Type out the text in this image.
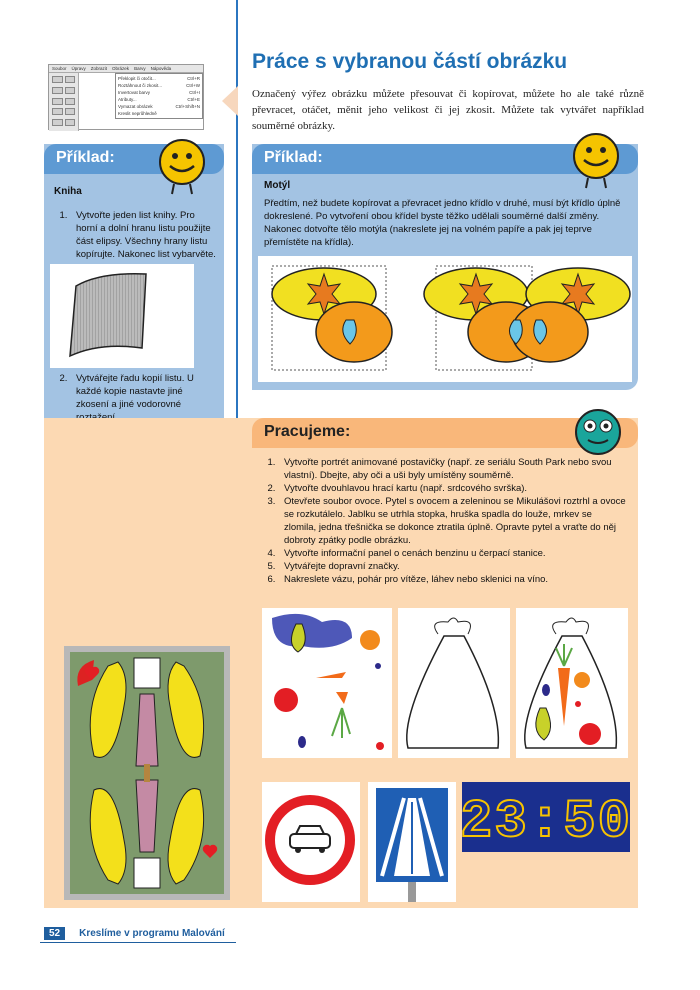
Soubor Úpravy Zobrazit Obrázek Barvy Nápověda
Překlopit či otočit...	Ctrl+R
Roztáhnout či zkosit...	Ctrl+W
Invertovat barvy	Ctrl+I
Atributy...	Ctrl+E
Vymazat obrázek	Ctrl+Shift+N
Kreslit neprůhledně
Práce s vybranou částí obrázku
Označený výřez obrázku můžete přesouvat či kopírovat, můžete ho ale také různě převracet, otáčet, měnit jeho velikost či jej zkosit. Můžete tak vytvářet například souměrné obrázky.
Příklad:
Kniha
1. Vytvořte jeden list knihy. Pro horní a dolní hranu listu použijte část elipsy. Všechny hrany listu kopírujte. Nakonec list vybarvěte.
2. Vytvářejte řadu kopií listu. U každé kopie nastavte jiné zkosení a jiné vodorovné
3.
4.
Příklad:
Motýl
Předtím, než budete kopírovat a převracet jedno křídlo v druhé, musí být křídlo úplně dokreslené. Po vytvoření obou křídel byste těžko udělali souměrné další změny. Nakonec dotvořte tělo motýla (nakreslete jej na volném papíře a pak jej teprve přemístěte na křídla).
Pracujeme:
1. Vytvořte portrét animované postavičky (např. ze seriálu South Park nebo svou vlastní). Dbejte, aby oči a uši byly umístěny souměrně.
2. Vytvořte dvouhlavou hrací kartu (např. srdcového svrška).
3. Otevřete soubor ovoce. Pytel s ovocem a zeleninou se Mikulášovi roztrhl a ovoce se rozkutálelo. Jablku se utrhla stopka, hruška spadla do louže, mrkev se zlomila, jedna třešnička se dokonce ztratila úplně. Opravte pytel a vraťte do něj dobroty zpátky podle obrázku.
4. Vytvořte informační panel o cenách benzinu u čerpací stanice.
5. Vytvářejte dopravní značky.
6. Nakreslete vázu, pohár pro vítěze, láhev nebo sklenici na víno.
23:50
52 Kreslíme v programu Malování
